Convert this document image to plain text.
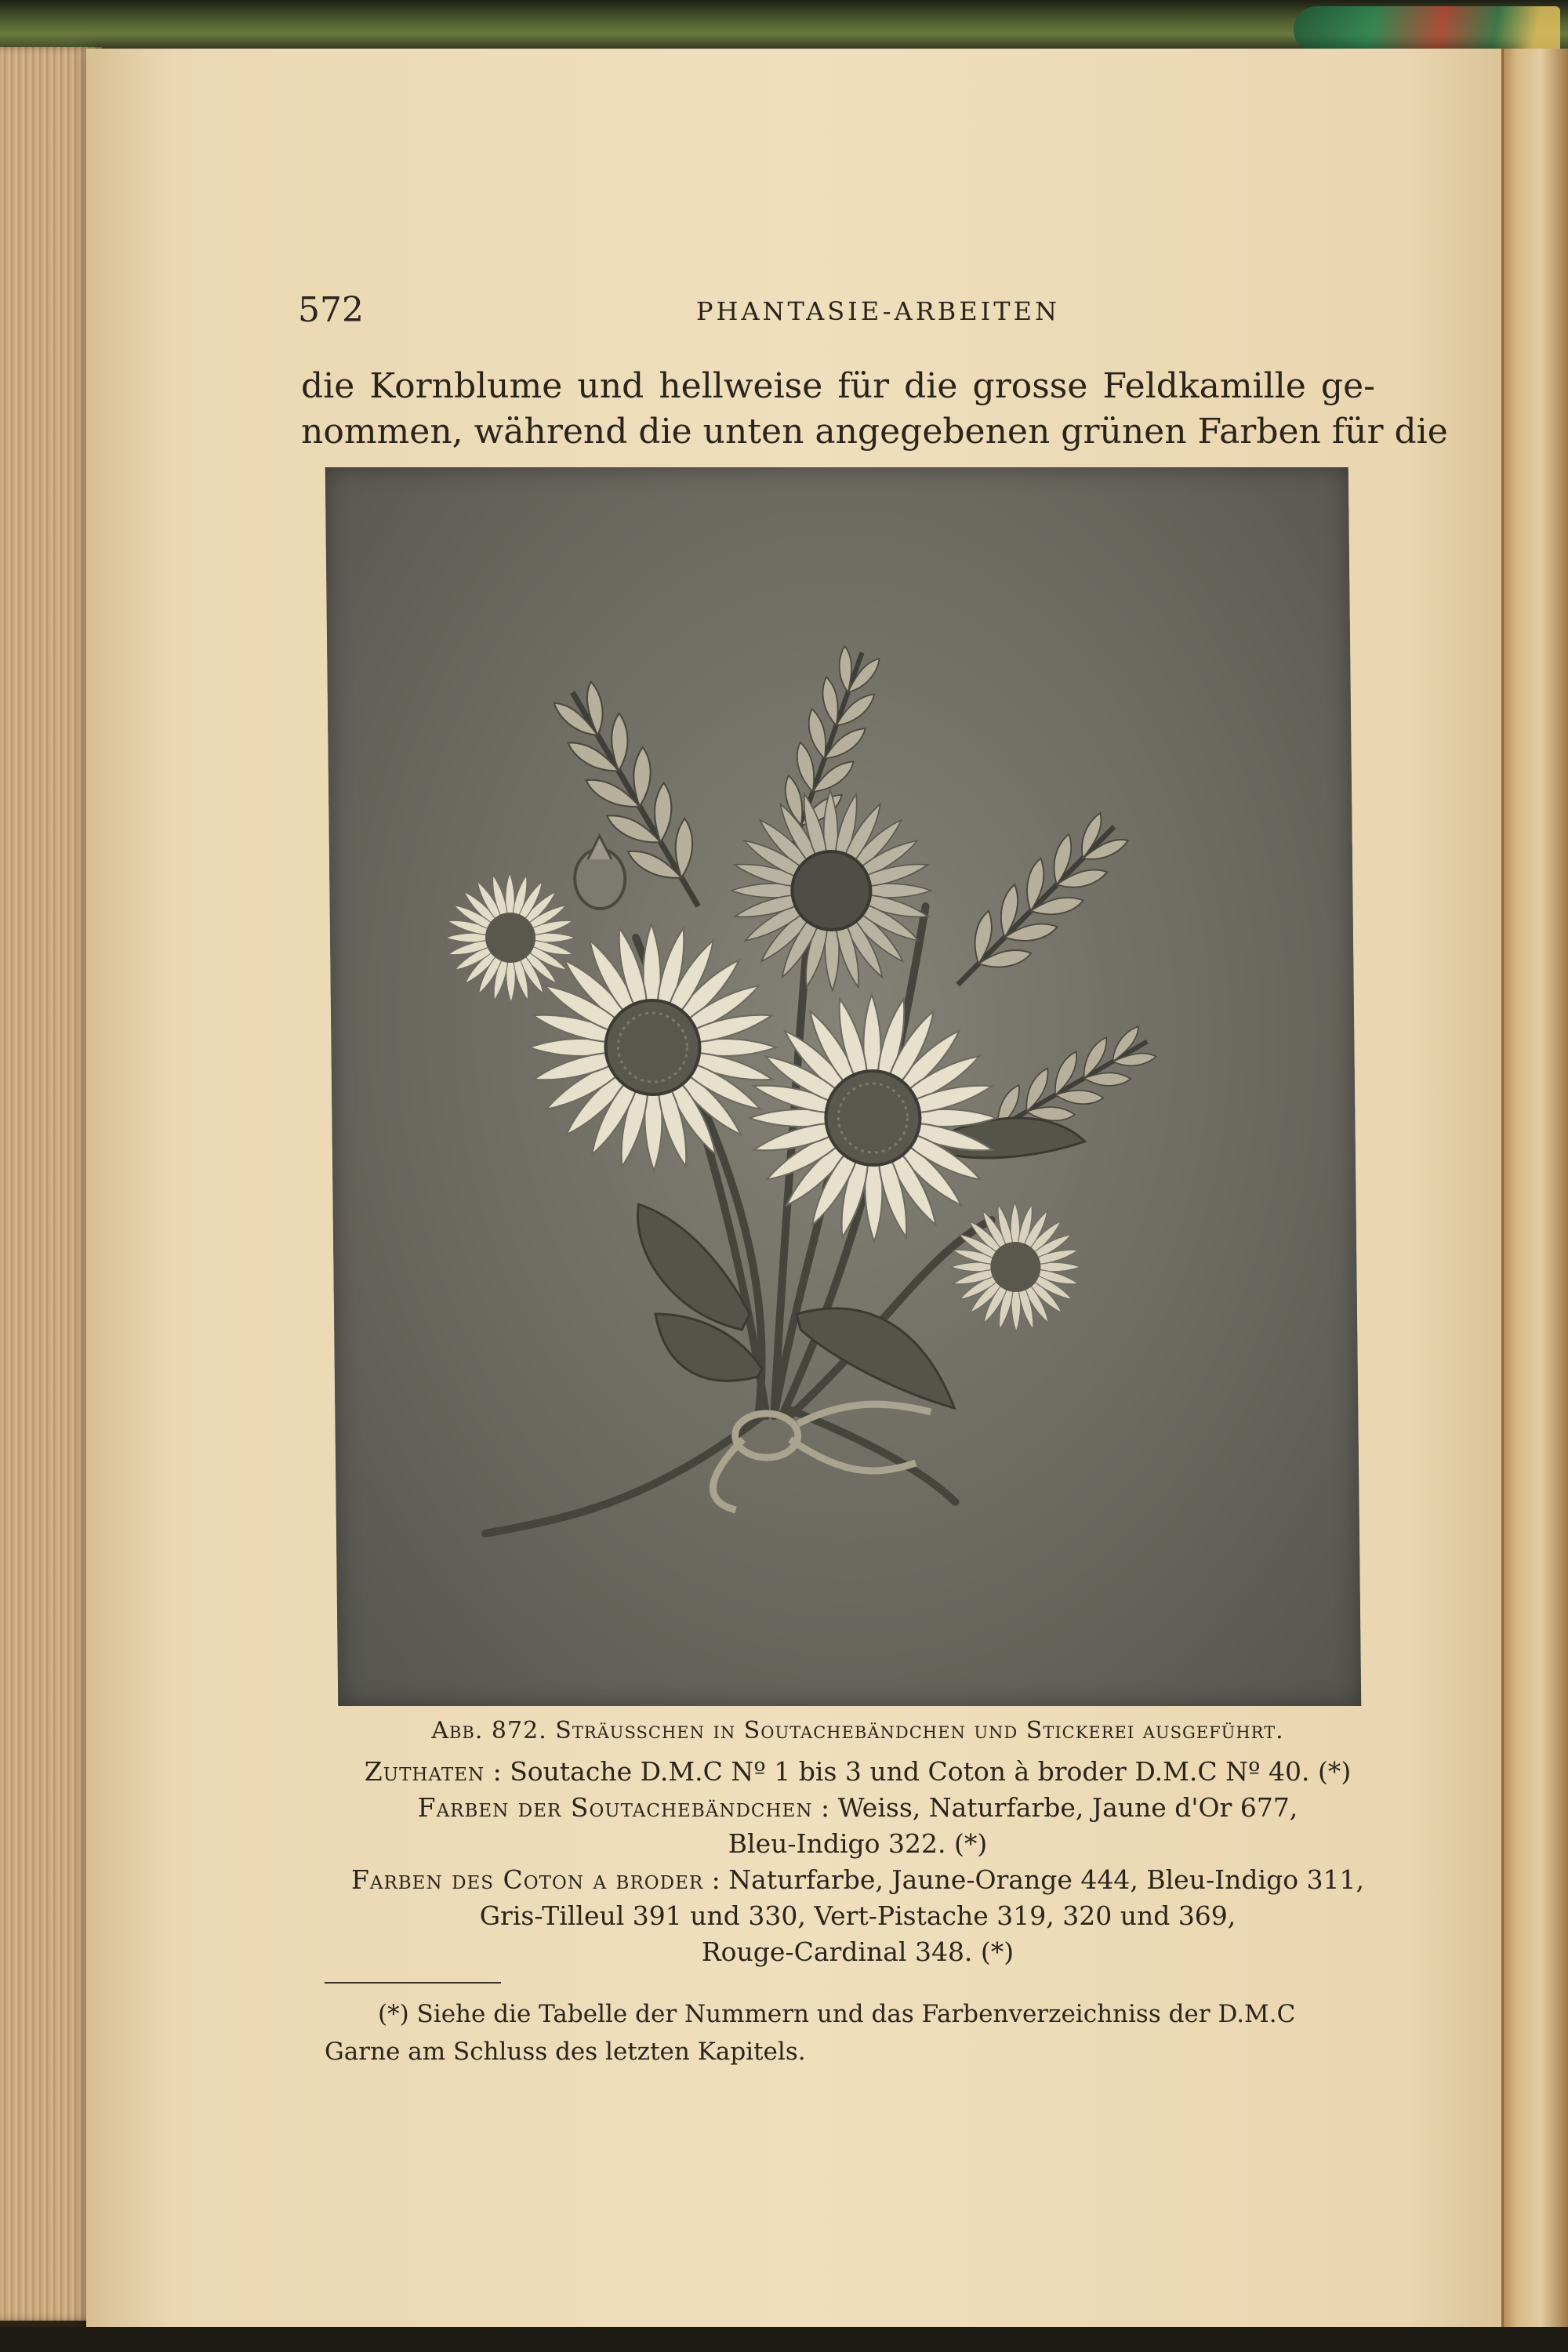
572	PHANTASIE-ARBEITEN

die Kornblume und hellweise für die grosse Feldkamille ge-
nommen, während die unten angegebenen grünen Farben für die

Abb. 872. Sträusschen in Soutachebändchen und Stickerei ausgeführt.

Zuthaten : Soutache D.M.C Nº 1 bis 3 und Coton à broder D.M.C Nº 40. (*)

Farben der Soutachebändchen : Weiss, Naturfarbe, Jaune d'Or 677,

Bleu-Indigo 322. (*)

Farben des Coton a broder : Naturfarbe, Jaune-Orange 444, Bleu-Indigo 311,

Gris-Tilleul 391 und 330, Vert-Pistache 319, 320 und 369,

Rouge-Cardinal 348. (*)

(*) Siehe die Tabelle der Nummern und das Farbenverzeichniss der D.M.C
Garne am Schluss des letzten Kapitels.
